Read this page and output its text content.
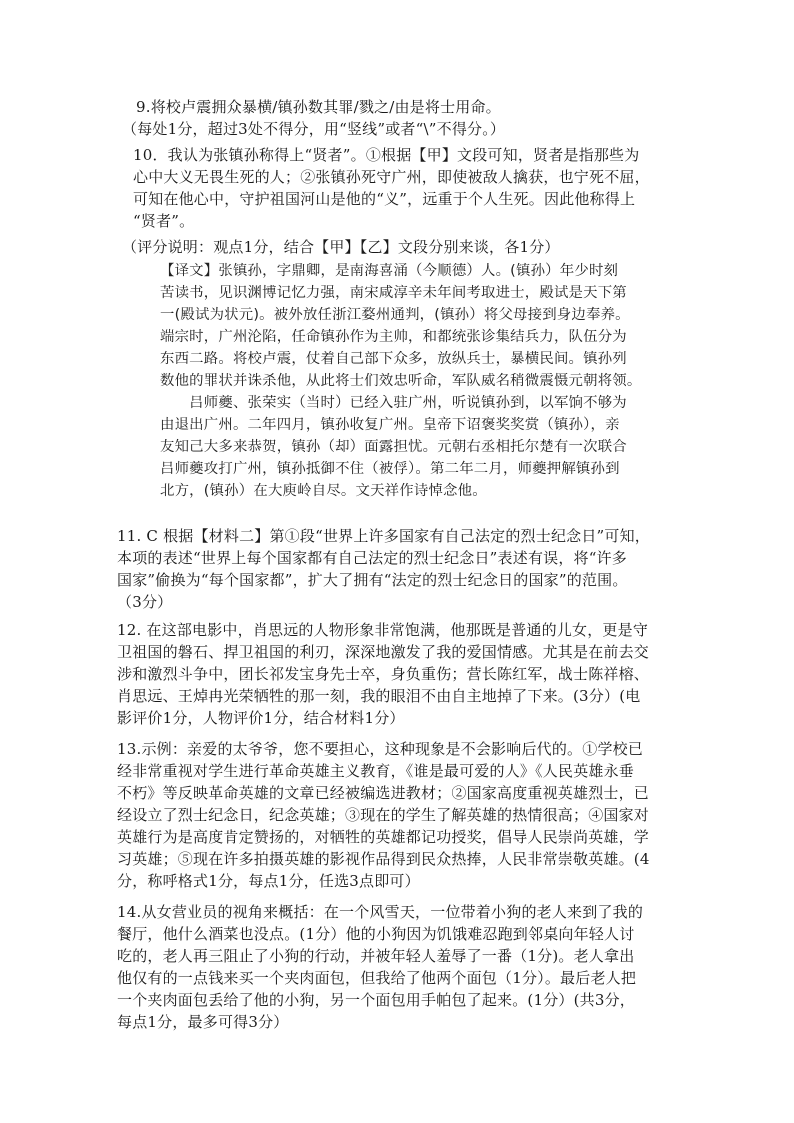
9.将校卢震拥众暴横/镇孙数其罪/戮之/由是将士用命。

（每处1分，超过3处不得分，用“竖线”或者“\”不得分。）

10．我认为张镇孙称得上“贤者”。①根据【甲】文段可知，贤者是指那些为
心中大义无畏生死的人；②张镇孙死守广州，即使被敌人擒获，也宁死不屈，
可知在他心中，守护祖国河山是他的“义”，远重于个人生死。因此他称得上
“贤者”。

（评分说明：观点1分，结合【甲】【乙】文段分别来谈，各1分）

【译文】张镇孙，字鼎卿，是南海喜涌（今顺德）人。(镇孙）年少时刻
苦读书，见识渊博记忆力强，南宋咸淳辛未年间考取进士，殿试是天下第
一(殿试为状元)。被外放任浙江婺州通判，(镇孙）将父母接到身边奉养。
端宗时，广州沦陷，任命镇孙作为主帅，和都统张诊集结兵力，队伍分为
东西二路。将校卢震，仗着自己部下众多，放纵兵士，暴横民间。镇孙列
数他的罪状并诛杀他，从此将士们效忠听命，军队威名稍微震慑元朝将领。
　　吕师夔、张荣实（当时）已经入驻广州，听说镇孙到，以军饷不够为
由退出广州。二年四月，镇孙收复广州。皇帝下诏褒奖奖赏（镇孙），亲
友知己大多来恭贺，镇孙（却）面露担忧。元朝右丞相托尔楚有一次联合
吕师夔攻打广州，镇孙抵御不住（被俘）。第二年二月，师夔押解镇孙到
北方，(镇孙）在大庾岭自尽。文天祥作诗悼念他。

11. C 根据【材料二】第①段“世界上许多国家有自己法定的烈士纪念日”可知，
本项的表述“世界上每个国家都有自己法定的烈士纪念日”表述有误，将“许多
国家”偷换为“每个国家都”，扩大了拥有“法定的烈士纪念日的国家”的范围。
（3分）

12. 在这部电影中，肖思远的人物形象非常饱满，他那既是普通的儿女，更是守
卫祖国的磐石、捍卫祖国的利刃，深深地激发了我的爱国情感。尤其是在前去交
涉和激烈斗争中，团长祁发宝身先士卒，身负重伤；营长陈红军，战士陈祥榕、
肖思远、王焯冉光荣牺牲的那一刻，我的眼泪不由自主地掉了下来。(3分）(电
影评价1分，人物评价1分，结合材料1分）

13.示例：亲爱的太爷爷，您不要担心，这种现象是不会影响后代的。①学校已
经非常重视对学生进行革命英雄主义教育，《谁是最可爱的人》《人民英雄永垂
不朽》等反映革命英雄的文章已经被编选进教材；②国家高度重视英雄烈士，已
经设立了烈士纪念日，纪念英雄；③现在的学生了解英雄的热情很高；④国家对
英雄行为是高度肯定赞扬的，对牺牲的英雄都记功授奖，倡导人民崇尚英雄，学
习英雄；⑤现在许多拍摄英雄的影视作品得到民众热捧，人民非常崇敬英雄。(4
分，称呼格式1分，每点1分，任选3点即可）

14.从女营业员的视角来概括：在一个风雪天，一位带着小狗的老人来到了我的
餐厅，他什么酒菜也没点。(1分）他的小狗因为饥饿难忍跑到邻桌向年轻人讨
吃的，老人再三阻止了小狗的行动，并被年轻人羞辱了一番（1分)。老人拿出
他仅有的一点钱来买一个夹肉面包，但我给了他两个面包（1分）。最后老人把
一个夹肉面包丢给了他的小狗，另一个面包用手帕包了起来。(1分）(共3分，
每点1分，最多可得3分）
